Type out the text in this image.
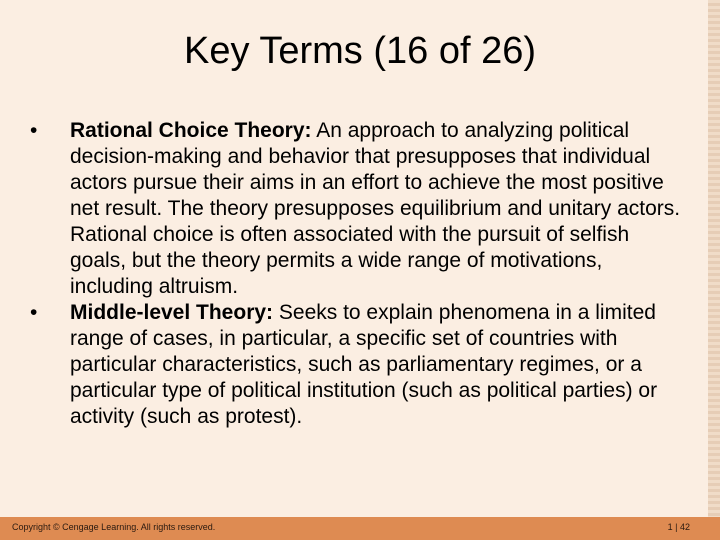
Key Terms (16 of 26)
•	Rational Choice Theory: An approach to analyzing political decision-making and behavior that presupposes that individual actors pursue their aims in an effort to achieve the most positive net result. The theory presupposes equilibrium and unitary actors. Rational choice is often associated with the pursuit of selfish goals, but the theory permits a wide range of motivations, including altruism.
•	Middle-level Theory: Seeks to explain phenomena in a limited range of cases, in particular, a specific set of countries with particular characteristics, such as parliamentary regimes, or a particular type of political institution (such as political parties) or activity (such as protest).
Copyright © Cengage Learning. All rights reserved.	1 | 42
